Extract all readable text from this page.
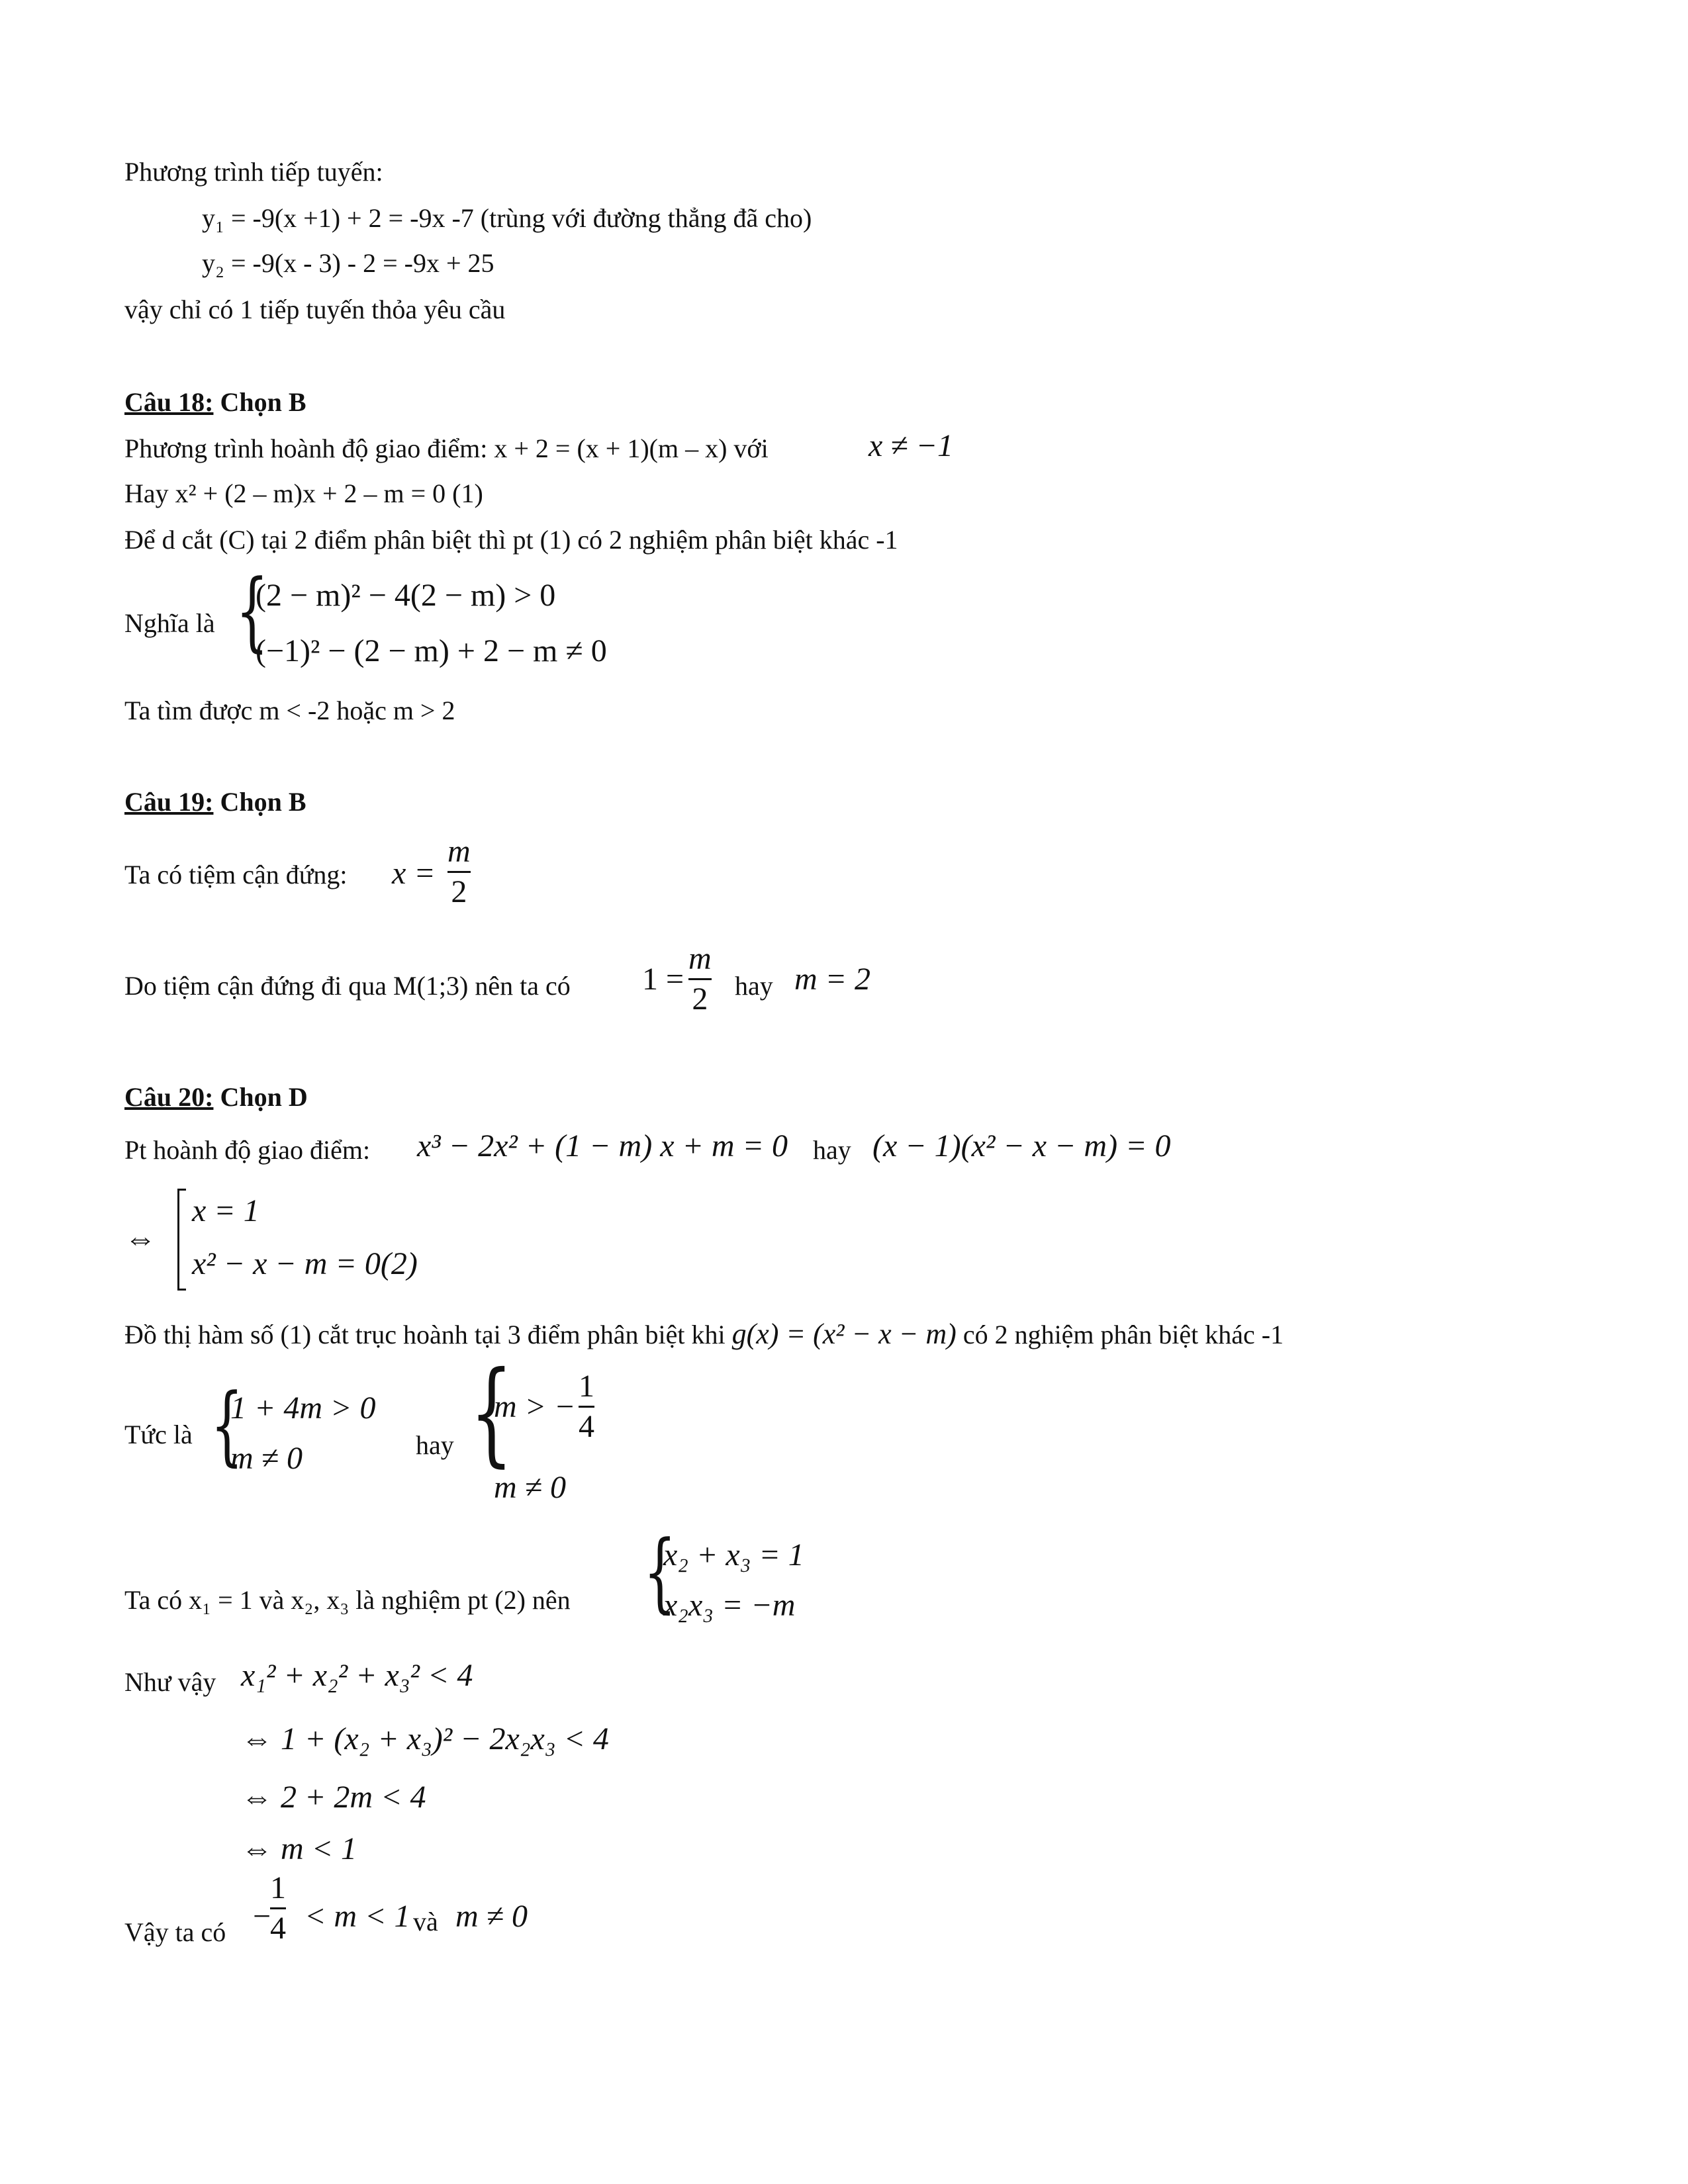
Phương trình tiếp tuyến:
y₁ = -9(x +1) + 2 = -9x -7 (trùng với đường thẳng đã cho)
y₂ = -9(x - 3) - 2 = -9x + 25
vậy chỉ có 1 tiếp tuyến thỏa yêu cầu
Câu 18: Chọn B
Phương trình hoành độ giao điểm: x + 2 = (x + 1)(m – x) với	x ≠ −1
Hay x² + (2 – m)x + 2 – m = 0 (1)
Để d cắt (C) tại 2 điểm phân biệt thì pt (1) có 2 nghiệm phân biệt khác -1
Nghĩa là {
(2 − m)² − 4(2 − m) > 0
(−1)² − (2 − m) + 2 − m ≠ 0
Ta tìm được m < -2 hoặc m > 2
Câu 19: Chọn B
Ta có tiệm cận đứng: $x = \frac{m}{2}$
Do tiệm cận đứng đi qua M(1;3) nên ta có $1 = \frac{m}{2}$ hay m = 2
Câu 20: Chọn D
Pt hoành độ giao điểm: x³ − 2x² + (1 − m) x + m = 0 hay (x − 1)(x² − x − m) = 0
⇔
x = 1
x² − x − m = 0(2)
Đồ thị hàm số (1) cắt trục hoành tại 3 điểm phân biệt khi g(x) = (x² − x − m) có 2 nghiệm phân biệt khác -1
Tức là {
1 + 4m > 0
m ≠ 0	hay {
m > − $\frac{1}{4}$
m ≠ 0
Ta có x₁ = 1 và x₂, x₃ là nghiệm pt (2) nên {
x₂ + x₃ = 1
x₂x₃ = −m
Như vậy x₁² + x₂² + x₃² < 4
⇔ 1 + (x₂ + x₃)² − 2x₂x₃ < 4
⇔ 2 + 2m < 4
⇔ m < 1
Vậy ta có −
$\frac{1}{4} < m < 1$ và m ≠ 0
